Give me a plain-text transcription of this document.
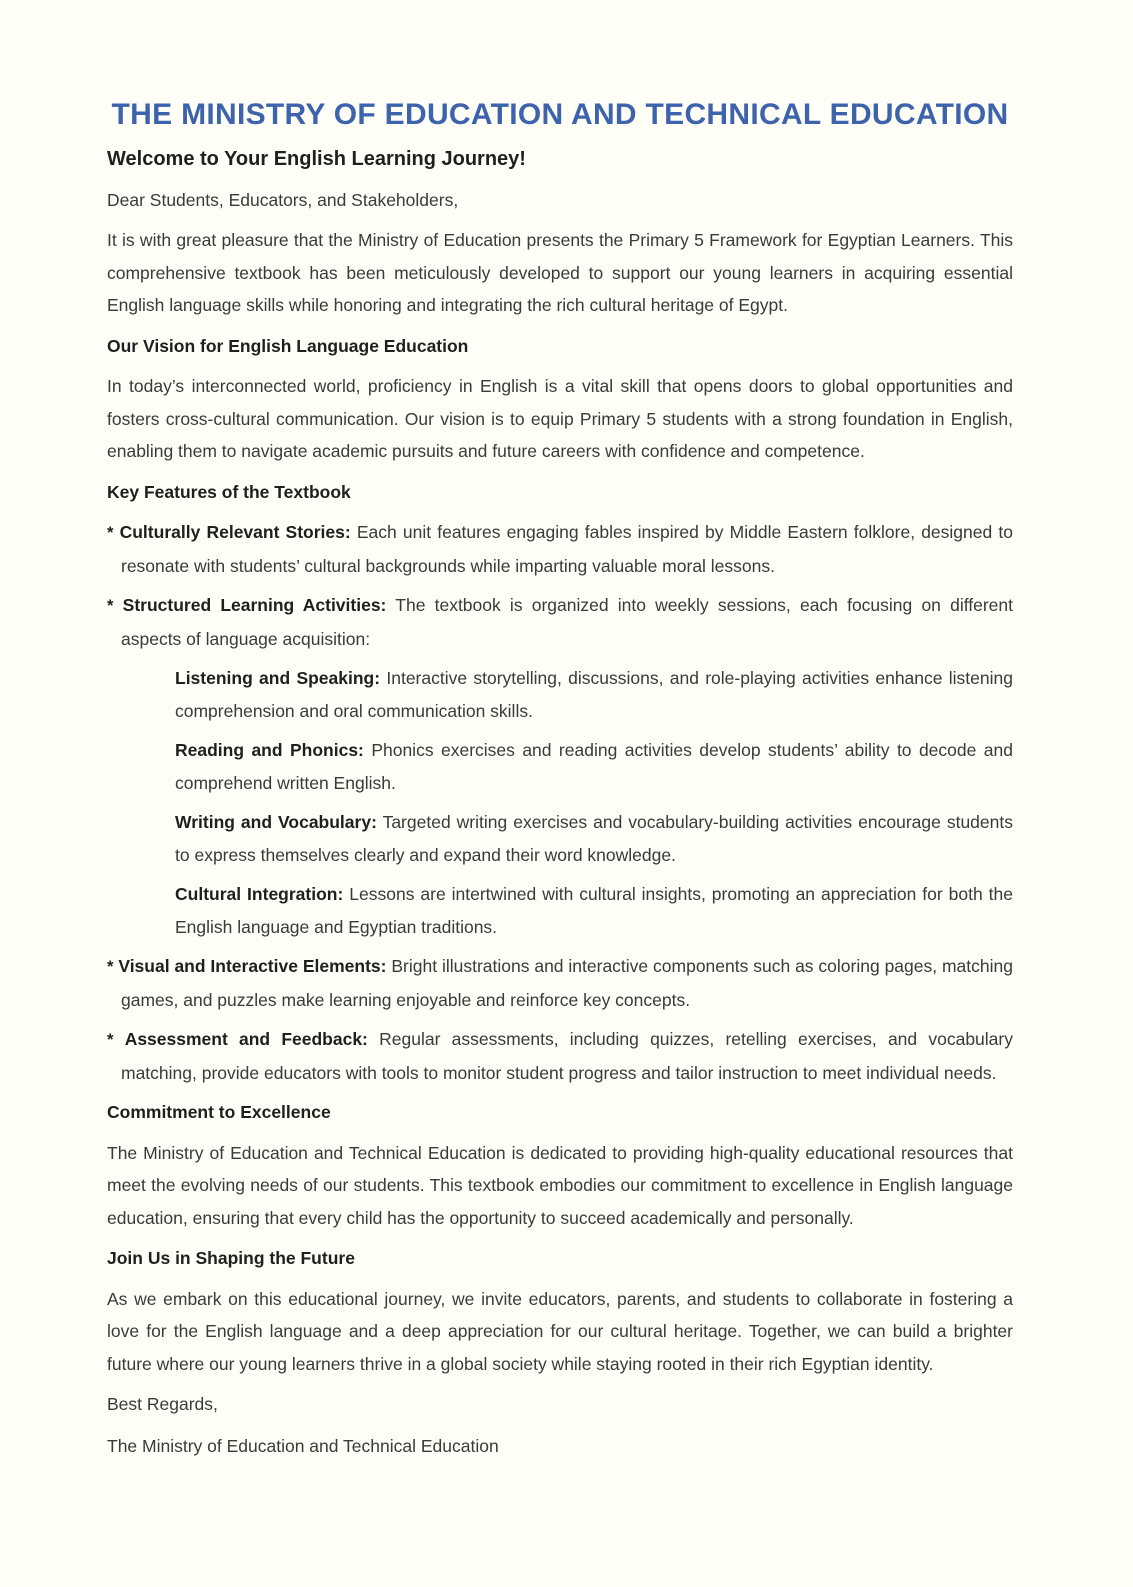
THE MINISTRY OF EDUCATION AND TECHNICAL EDUCATION
Welcome to Your English Learning Journey!

Dear Students, Educators, and Stakeholders,

It is with great pleasure that the Ministry of Education presents the Primary 5 Framework for Egyptian Learners. This comprehensive textbook has been meticulously developed to support our young learners in acquiring essential English language skills while honoring and integrating the rich cultural heritage of Egypt.

Our Vision for English Language Education

In today’s interconnected world, proficiency in English is a vital skill that opens doors to global opportunities and fosters cross-cultural communication. Our vision is to equip Primary 5 students with a strong foundation in English, enabling them to navigate academic pursuits and future careers with confidence and competence.

Key Features of the Textbook

* Culturally Relevant Stories: Each unit features engaging fables inspired by Middle Eastern folklore, designed to resonate with students’ cultural backgrounds while imparting valuable moral lessons.

* Structured Learning Activities: The textbook is organized into weekly sessions, each focusing on different aspects of language acquisition:

Listening and Speaking: Interactive storytelling, discussions, and role-playing activities enhance listening comprehension and oral communication skills.

Reading and Phonics: Phonics exercises and reading activities develop students’ ability to decode and comprehend written English.

Writing and Vocabulary: Targeted writing exercises and vocabulary-building activities encourage students to express themselves clearly and expand their word knowledge.

Cultural Integration: Lessons are intertwined with cultural insights, promoting an appreciation for both the English language and Egyptian traditions.

* Visual and Interactive Elements: Bright illustrations and interactive components such as coloring pages, matching games, and puzzles make learning enjoyable and reinforce key concepts.

* Assessment and Feedback: Regular assessments, including quizzes, retelling exercises, and vocabulary matching, provide educators with tools to monitor student progress and tailor instruction to meet individual needs.

Commitment to Excellence

The Ministry of Education and Technical Education is dedicated to providing high-quality educational resources that meet the evolving needs of our students. This textbook embodies our commitment to excellence in English language education, ensuring that every child has the opportunity to succeed academically and personally.

Join Us in Shaping the Future

As we embark on this educational journey, we invite educators, parents, and students to collaborate in fostering a love for the English language and a deep appreciation for our cultural heritage. Together, we can build a brighter future where our young learners thrive in a global society while staying rooted in their rich Egyptian identity.

Best Regards,

The Ministry of Education and Technical Education
